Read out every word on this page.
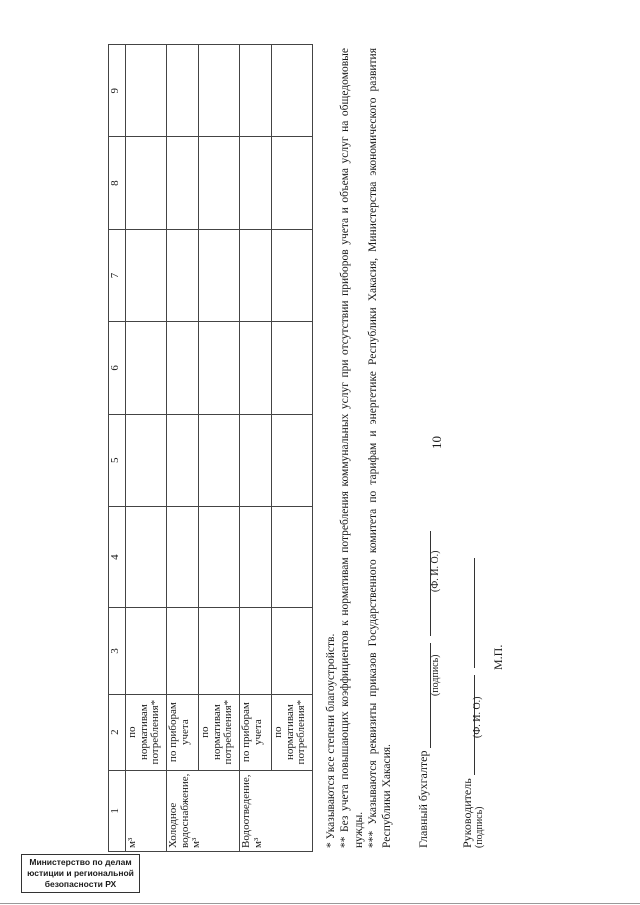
10
1	2	3	4	5	6	7	8	9
м³	по нормативам потребления*							
Холодное водоснабжение, м³	по приборам учета							
	по нормативам потребления*							
Водоотведение, м³	по приборам учета							
	по нормативам потребления*							* Указываются все степени благоустройств. ** Без учета повышающих коэффициентов к нормативам потребления коммунальных услуг при отсутствии приборов учета и объема услуг на общедомовые нужды. *** Указываются реквизиты приказов Государственного комитета по тарифам и энергетике Республики Хакасия, Министерства экономического развития Республики Хакасия. Главный бухгалтер
(подпись)
(Ф. И. О.)
Руководитель (подпись)
(Ф. И. О.)
М.П.
Министерство по делам
юстиции и региональной
безопасности РХ
